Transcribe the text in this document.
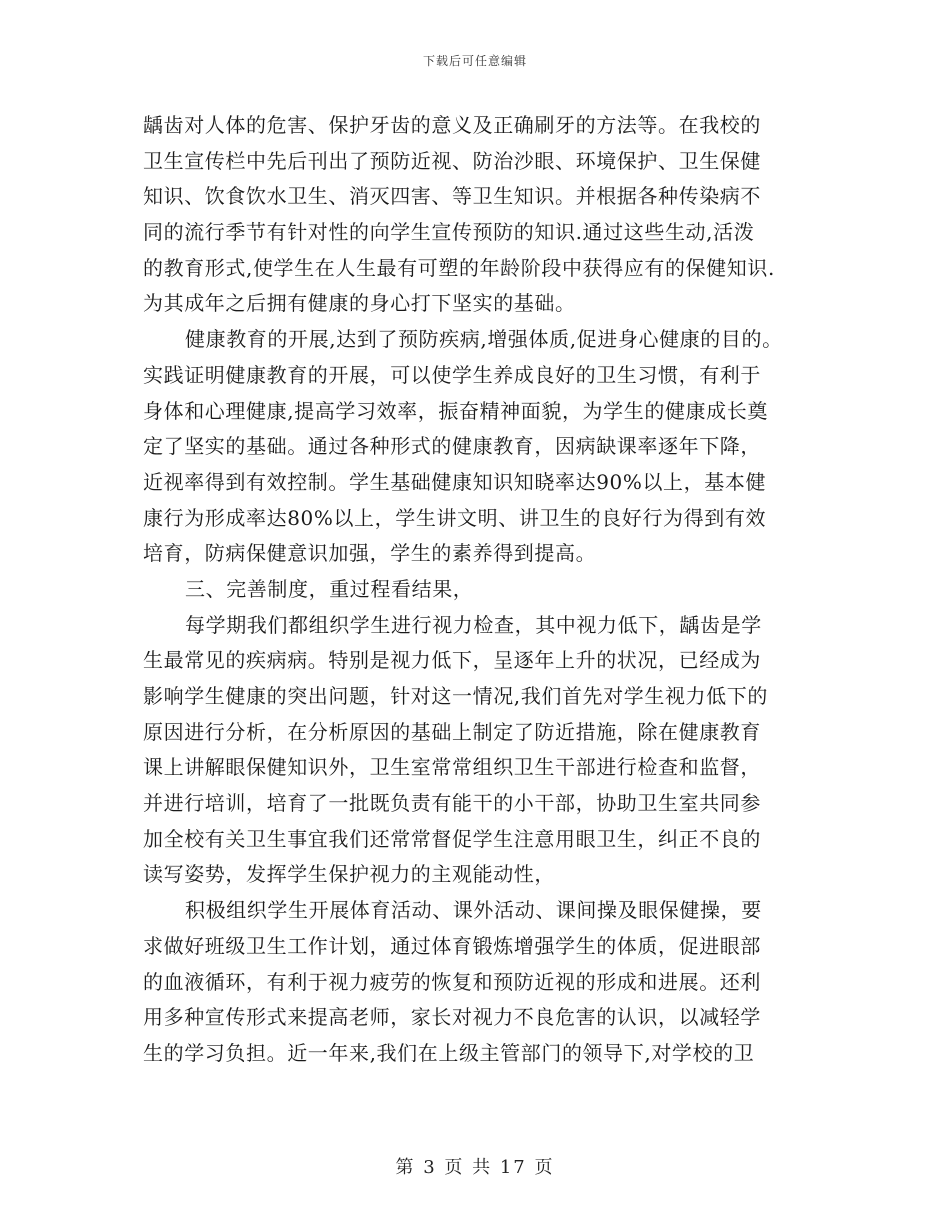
下载后可任意编辑
龋齿对人体的危害、保护牙齿的意义及正确刷牙的方法等。在我校的
卫生宣传栏中先后刊出了预防近视、防治沙眼、环境保护、卫生保健
知识、饮食饮水卫生、消灭四害、等卫生知识。并根据各种传染病不
同的流行季节有针对性的向学生宣传预防的知识.通过这些生动,活泼
的教育形式,使学生在人生最有可塑的年龄阶段中获得应有的保健知识.
为其成年之后拥有健康的身心打下坚实的基础。
健康教育的开展,达到了预防疾病,增强体质,促进身心健康的目的。
实践证明健康教育的开展，可以使学生养成良好的卫生习惯，有利于
身体和心理健康,提高学习效率，振奋精神面貌，为学生的健康成长奠
定了坚实的基础。通过各种形式的健康教育，因病缺课率逐年下降，
近视率得到有效控制。学生基础健康知识知晓率达90%以上，基本健
康行为形成率达80%以上，学生讲文明、讲卫生的良好行为得到有效
培育，防病保健意识加强，学生的素养得到提高。
三、完善制度，重过程看结果，
每学期我们都组织学生进行视力检查，其中视力低下，龋齿是学
生最常见的疾病病。特别是视力低下，呈逐年上升的状况，已经成为
影响学生健康的突出问题，针对这一情况,我们首先对学生视力低下的
原因进行分析，在分析原因的基础上制定了防近措施，除在健康教育
课上讲解眼保健知识外，卫生室常常组织卫生干部进行检查和监督，
并进行培训，培育了一批既负责有能干的小干部，协助卫生室共同参
加全校有关卫生事宜我们还常常督促学生注意用眼卫生，纠正不良的
读写姿势，发挥学生保护视力的主观能动性，
积极组织学生开展体育活动、课外活动、课间操及眼保健操，要
求做好班级卫生工作计划，通过体育锻炼增强学生的体质，促进眼部
的血液循环，有利于视力疲劳的恢复和预防近视的形成和进展。还利
用多种宣传形式来提高老师，家长对视力不良危害的认识，以减轻学
生的学习负担。近一年来,我们在上级主管部门的领导下,对学校的卫
第 3 页 共 17 页
